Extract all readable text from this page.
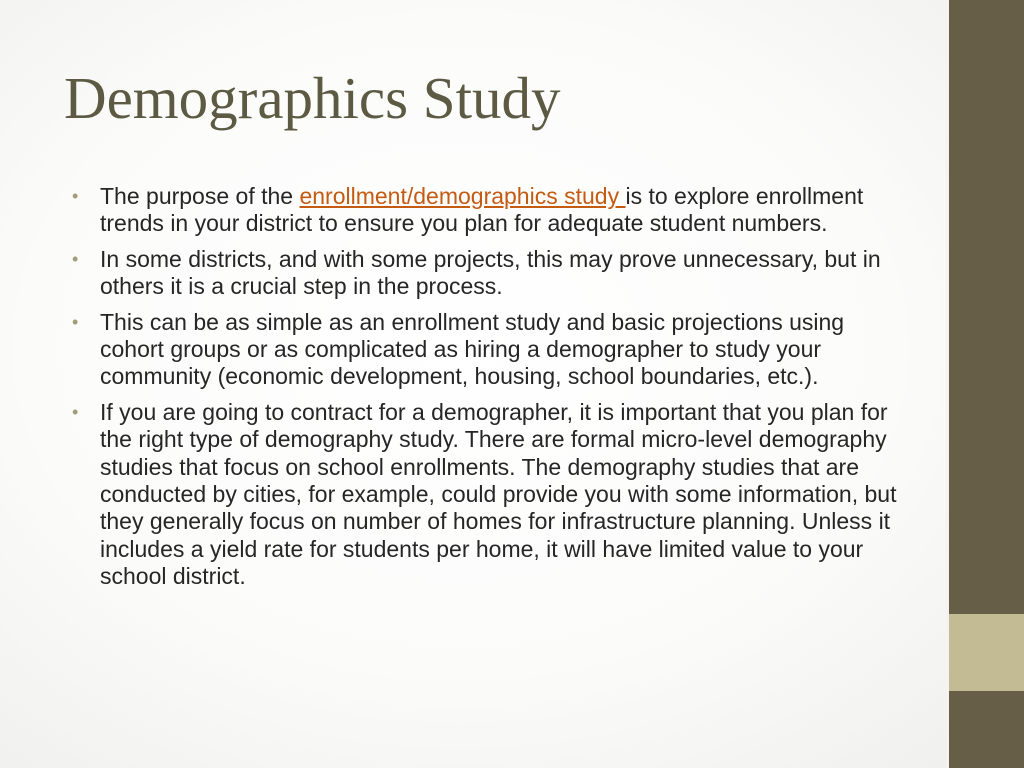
Demographics Study
• The purpose of the enrollment/demographics study is to explore enrollment trends in your district to ensure you plan for adequate student numbers.
• In some districts, and with some projects, this may prove unnecessary, but in others it is a crucial step in the process.
• This can be as simple as an enrollment study and basic projections using cohort groups or as complicated as hiring a demographer to study your community (economic development, housing, school boundaries, etc.).
• If you are going to contract for a demographer, it is important that you plan for the right type of demography study. There are formal micro-level demography studies that focus on school enrollments. The demography studies that are conducted by cities, for example, could provide you with some information, but they generally focus on number of homes for infrastructure planning. Unless it includes a yield rate for students per home, it will have limited value to your school district.
